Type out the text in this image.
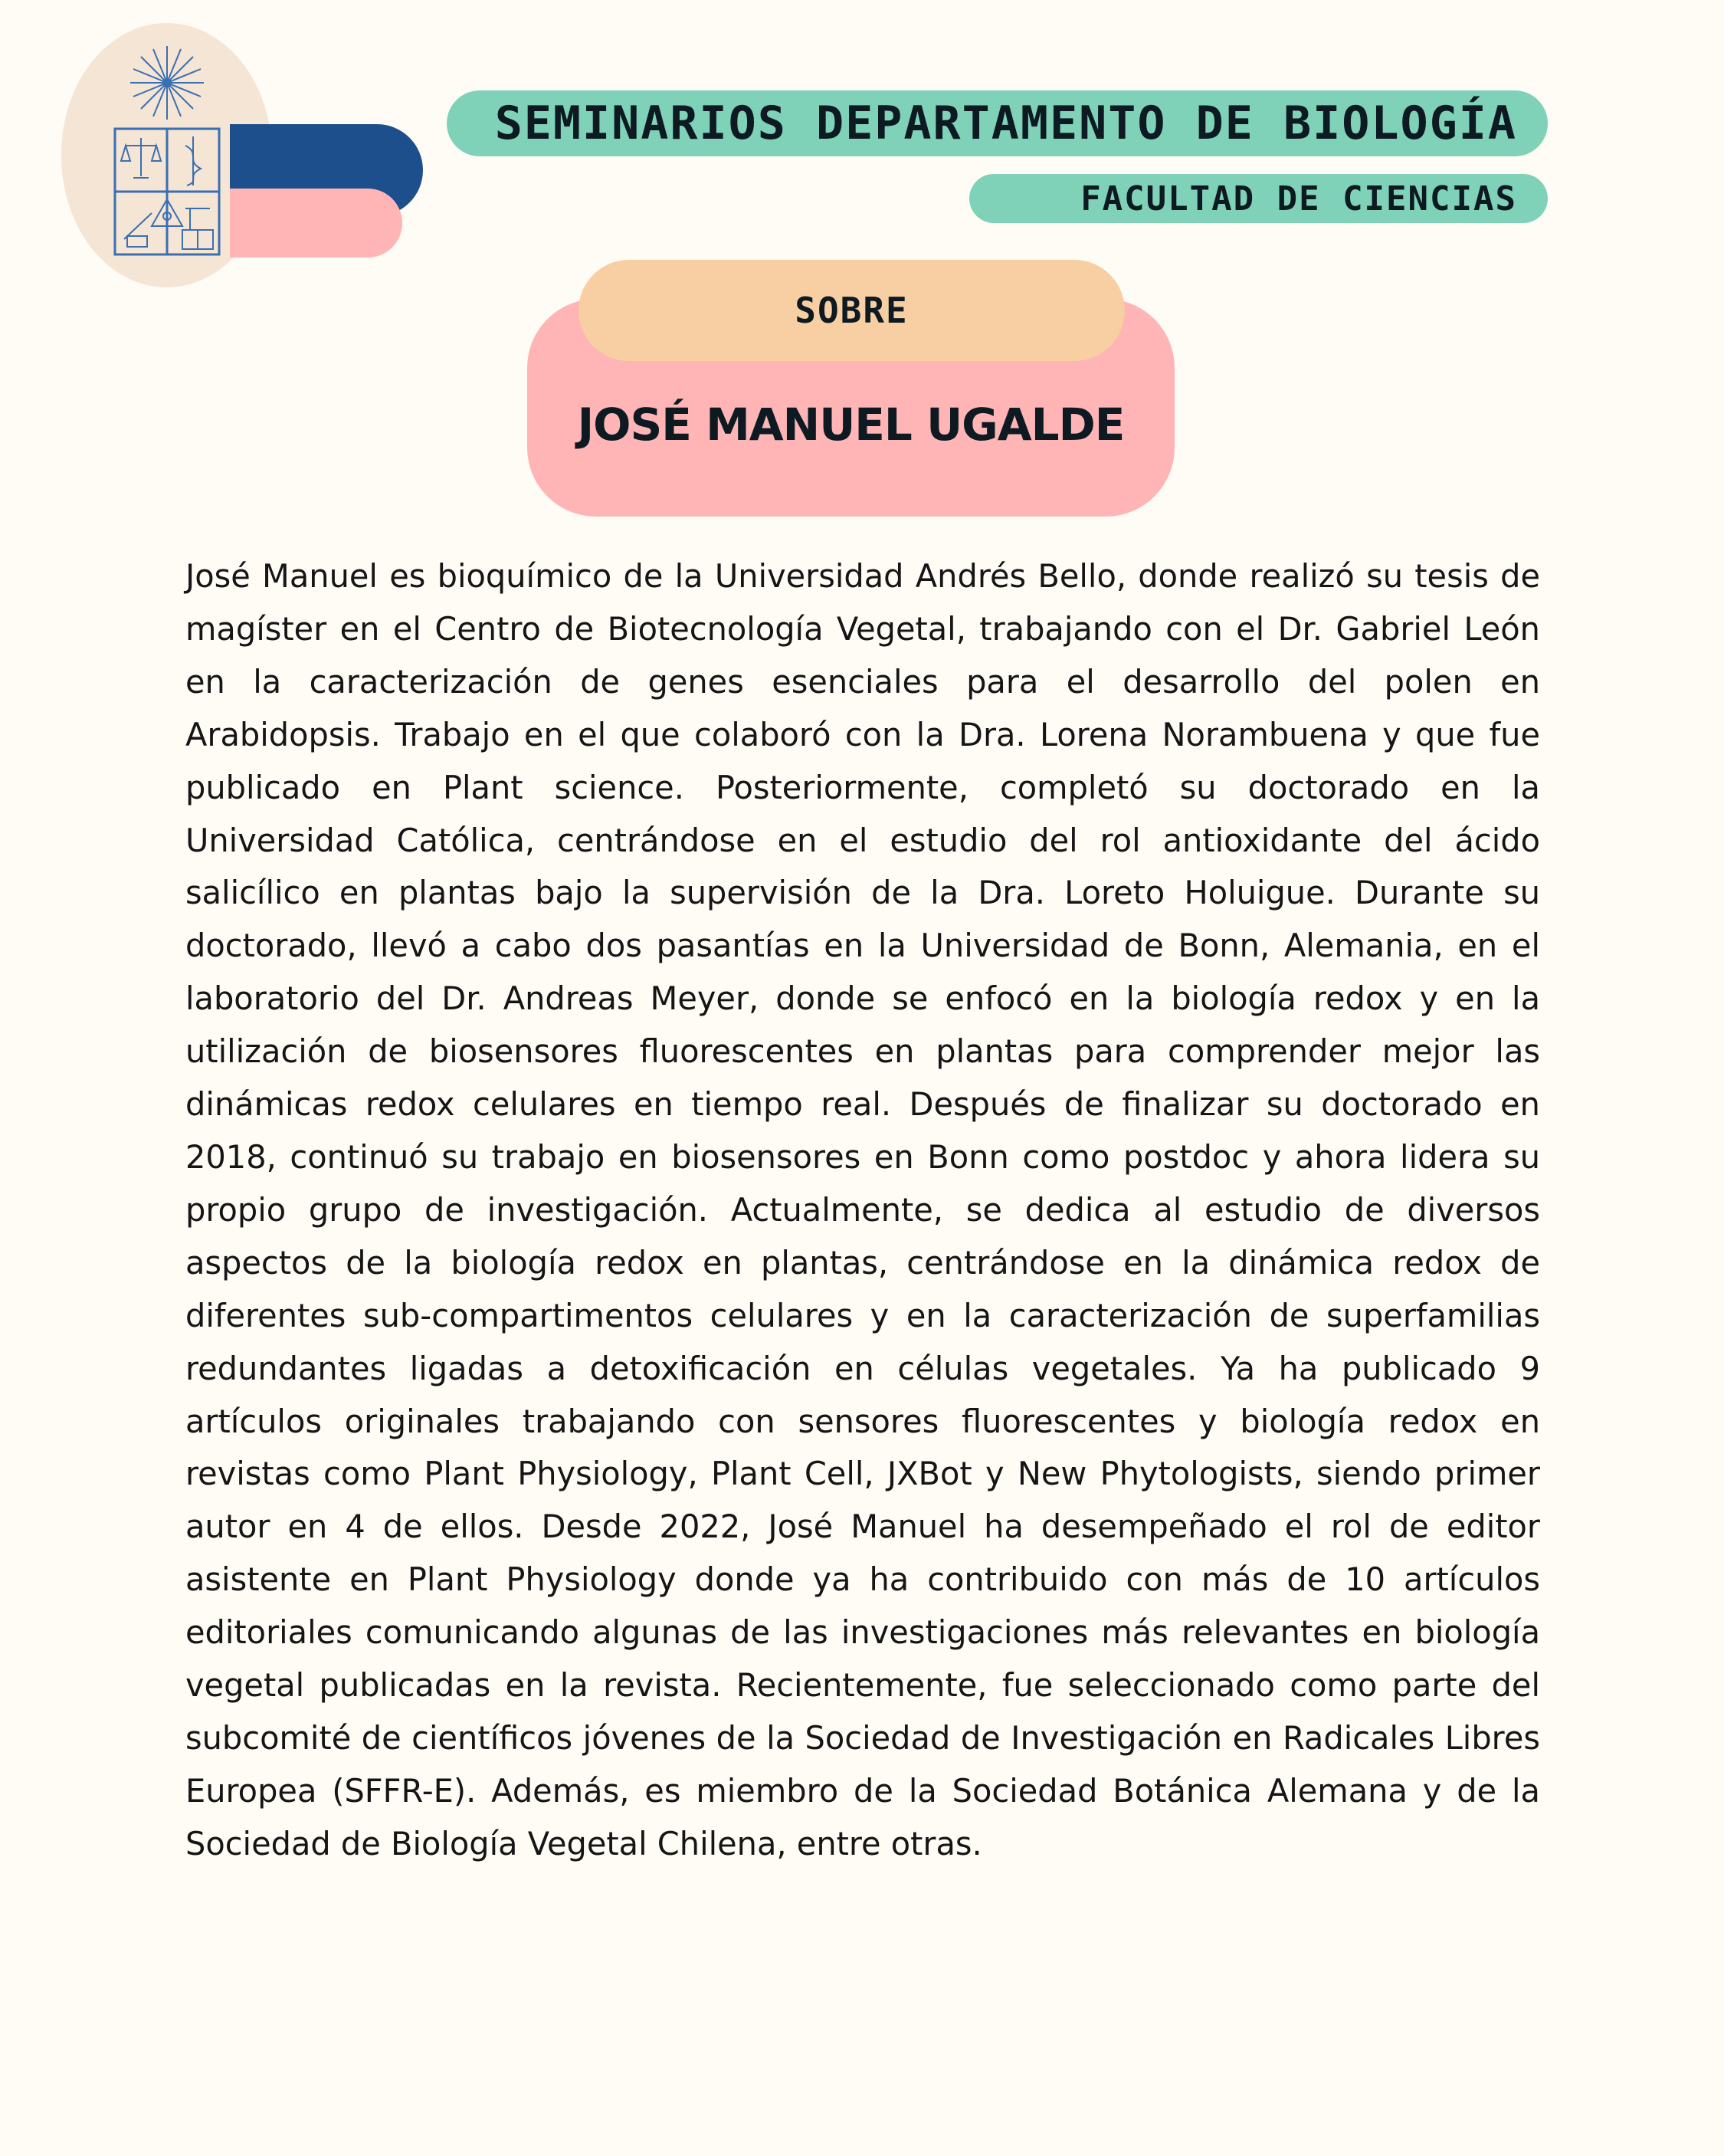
SEMINARIOS DEPARTAMENTO DE BIOLOGÍA
FACULTAD DE CIENCIAS
SOBRE
JOSÉ MANUEL UGALDE

José Manuel es bioquímico de la Universidad Andrés Bello, donde realizó su tesis de magíster en el Centro de Biotecnología Vegetal, trabajando con el Dr. Gabriel León en la caracterización de genes esenciales para el desarrollo del polen en Arabidopsis. Trabajo en el que colaboró con la Dra. Lorena Norambuena y que fue publicado en Plant science. Posteriormente, completó su doctorado en la Universidad Católica, centrándose en el estudio del rol antioxidante del ácido salicílico en plantas bajo la supervisión de la Dra. Loreto Holuigue. Durante su doctorado, llevó a cabo dos pasantías en la Universidad de Bonn, Alemania, en el laboratorio del Dr. Andreas Meyer, donde se enfocó en la biología redox y en la utilización de biosensores fluorescentes en plantas para comprender mejor las dinámicas redox celulares en tiempo real. Después de finalizar su doctorado en 2018, continuó su trabajo en biosensores en Bonn como postdoc y ahora lidera su propio grupo de investigación. Actualmente, se dedica al estudio de diversos aspectos de la biología redox en plantas, centrándose en la dinámica redox de diferentes sub-compartimentos celulares y en la caracterización de superfamilias redundantes ligadas a detoxificación en células vegetales. Ya ha publicado 9 artículos originales trabajando con sensores fluorescentes y biología redox en revistas como Plant Physiology, Plant Cell, JXBot y New Phytologists, siendo primer autor en 4 de ellos. Desde 2022, José Manuel ha desempeñado el rol de editor asistente en Plant Physiology donde ya ha contribuido con más de 10 artículos editoriales comunicando algunas de las investigaciones más relevantes en biología vegetal publicadas en la revista. Recientemente, fue seleccionado como parte del subcomité de científicos jóvenes de la Sociedad de Investigación en Radicales Libres Europea (SFFR-E). Además, es miembro de la Sociedad Botánica Alemana y de la Sociedad de Biología Vegetal Chilena, entre otras.
